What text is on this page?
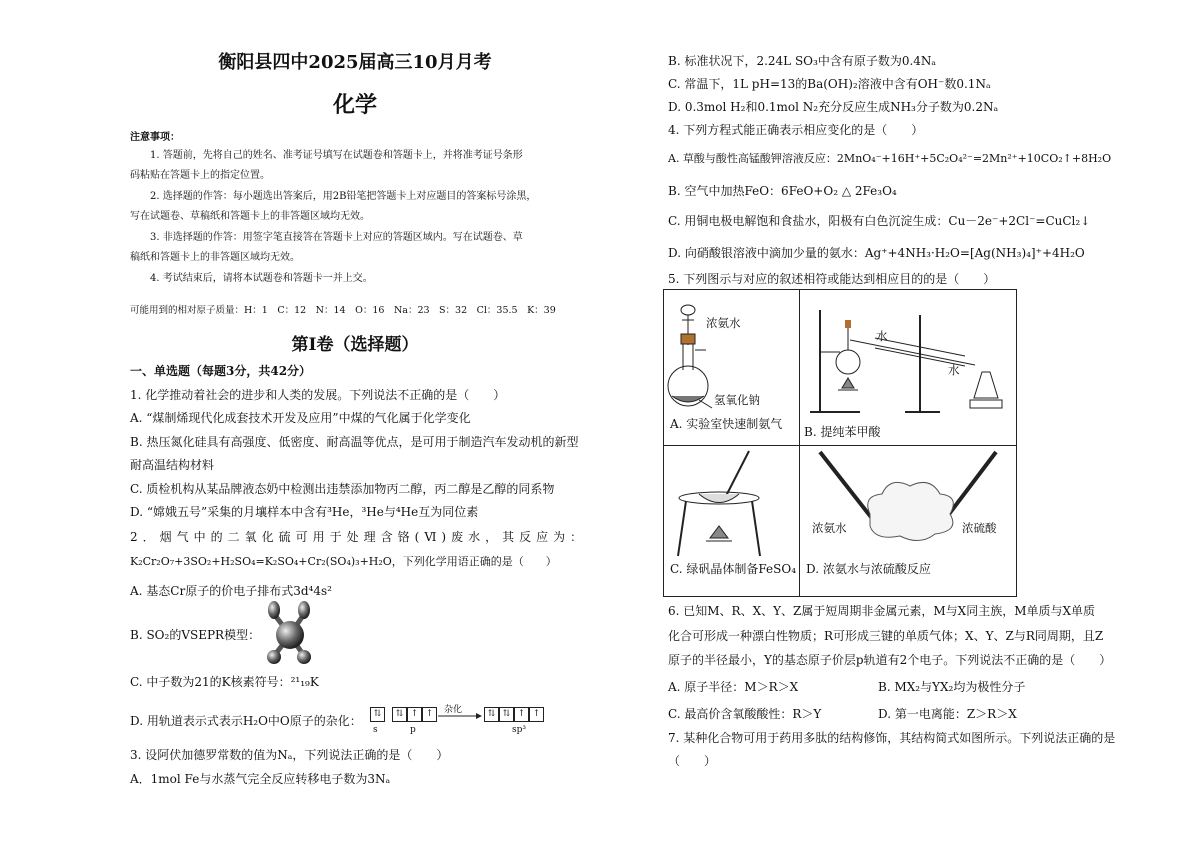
衡阳县四中2025届高三10月月考
化学
注意事项：
1. 答题前，先将自己的姓名、准考证号填写在试题卷和答题卡上，并将准考证号条形
码粘贴在答题卡上的指定位置。
2. 选择题的作答：每小题选出答案后，用2B铅笔把答题卡上对应题目的答案标号涂黑，
写在试题卷、草稿纸和答题卡上的非答题区域均无效。
3. 非选择题的作答：用签字笔直接答在答题卡上对应的答题区域内。写在试题卷、草
稿纸和答题卡上的非答题区域均无效。
4. 考试结束后，请将本试题卷和答题卡一并上交。
可能用到的相对原子质量：H：1　C：12　N：14　O：16　Na：23　S：32　Cl：35.5　K：39
第Ⅰ卷（选择题）
一、单选题（每题3分，共42分）
1. 化学推动着社会的进步和人类的发展。下列说法不正确的是（　　）
A. “煤制烯现代化成套技术开发及应用”中煤的气化属于化学变化
B. 热压氮化硅具有高强度、低密度、耐高温等优点，是可用于制造汽车发动机的新型
耐高温结构材料
C. 质检机构从某品牌液态奶中检测出违禁添加物丙二醇，丙二醇是乙醇的同系物
D. “嫦娥五号”采集的月壤样本中含有³He，³He与⁴He互为同位素
2．烟气中的二氧化硫可用于处理含铬(Ⅵ)废水，其反应为：
K₂Cr₂O₇+3SO₂+H₂SO₄=K₂SO₄+Cr₂(SO₄)₃+H₂O，下列化学用语正确的是（　　）
A. 基态Cr原子的价电子排布式3d⁴4s²
B. SO₂的VSEPR模型：
C. 中子数为21的K核素符号：²¹₁₉K
D. 用轨道表示式表示H₂O中O原子的杂化：	⇅
s
⇅ ↑ ↑
p
杂化	⇅ ⇅ ↑ ↑
sp³
3. 设阿伏加德罗常数的值为Nₐ，下列说法正确的是（　　）
A．1mol Fe与水蒸气完全反应转移电子数为3Nₐ
B. 标准状况下，2.24L SO₃中含有原子数为0.4Nₐ
C. 常温下，1L pH=13的Ba(OH)₂溶液中含有OH⁻数0.1Nₐ
D. 0.3mol H₂和0.1mol N₂充分反应生成NH₃分子数为0.2Nₐ
4. 下列方程式能正确表示相应变化的是（　　）
A. 草酸与酸性高锰酸钾溶液反应：2MnO₄⁻+16H⁺+5C₂O₄²⁻=2Mn²⁺+10CO₂↑+8H₂O
B. 空气中加热FeO：6FeO+O₂ △ 2Fe₃O₄
C. 用铜电极电解饱和食盐水，阳极有白色沉淀生成：Cu－2e⁻+2Cl⁻=CuCl₂↓
D. 向硝酸银溶液中滴加少量的氨水：Ag⁺+4NH₃·H₂O=[Ag(NH₃)₄]⁺+4H₂O
5. 下列图示与对应的叙述相符或能达到相应目的的是（　　）
浓氨水
氢氧化钠
A. 实验室快速制氨气
水
水
B. 提纯苯甲酸
C. 绿矾晶体制备FeSO₄
浓氨水	浓硫酸
D. 浓氨水与浓硫酸反应
6. 已知M、R、X、Y、Z属于短周期非金属元素，M与X同主族，M单质与X单质
化合可形成一种漂白性物质；R可形成三键的单质气体；X、Y、Z与R同周期，且Z
原子的半径最小，Y的基态原子价层p轨道有2个电子。下列说法不正确的是（　　）
A. 原子半径：M＞R＞X	B. MX₂与YX₂均为极性分子
C. 最高价含氧酸酸性：R＞Y	D. 第一电离能：Z＞R＞X
7. 某种化合物可用于药用多肽的结构修饰，其结构简式如图所示。下列说法正确的是
（　　）
